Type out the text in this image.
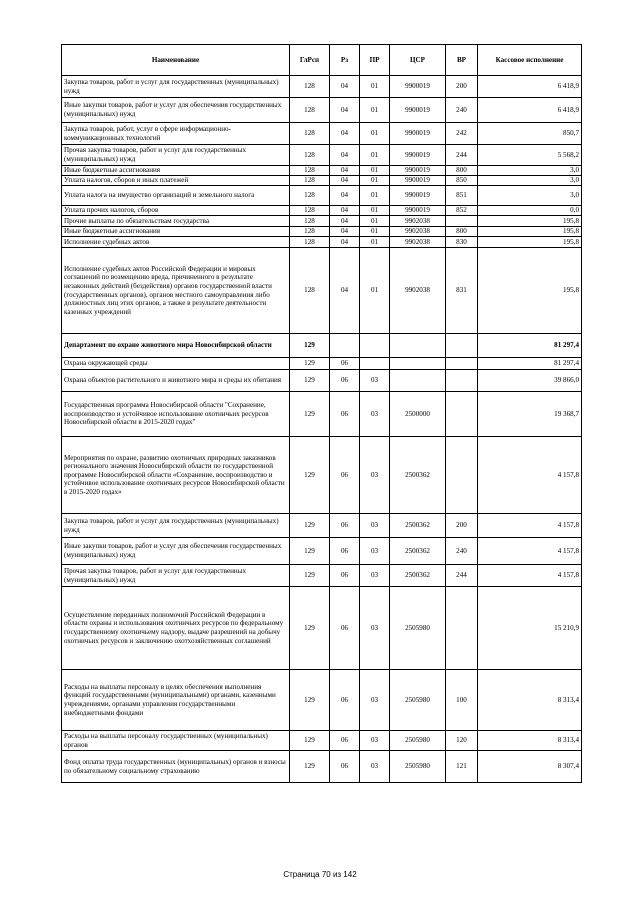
Наименование	ГлРсп	Рз	ПР	ЦСР	ВР	Кассовое исполнение
Закупка товаров, работ и услуг для государственных (муниципальных) нужд	128	04	01	9900019	200	6 418,9
Иные закупки товаров, работ и услуг для обеспечения государственных (муниципальных) нужд	128	04	01	9900019	240	6 418,9
Закупка товаров, работ, услуг в сфере информационно-коммуникационных технологий	128	04	01	9900019	242	850,7
Прочая закупка товаров, работ и услуг для государственных (муниципальных) нужд	128	04	01	9900019	244	5 568,2
Иные бюджетные ассигнования	128	04	01	9900019	800	3,0
Уплата налогов, сборов и иных платежей	128	04	01	9900019	850	3,0
Уплата налога на имущество организаций и земельного налога	128	04	01	9900019	851	3,0
Уплата прочих налогов, сборов	128	04	01	9900019	852	0,0
Прочие выплаты по обязательствам государства	128	04	01	9902038		195,8
Иные бюджетные ассигнования	128	04	01	9902038	800	195,8
Исполнение судебных актов	128	04	01	9902038	830	195,8
Исполнение судебных актов Российской Федерации и мировых соглашений по возмещению вреда, причиненного в результате незаконных действий (бездействия) органов государственной власти (государственных органов), органов местного самоуправления либо должностных лиц этих органов, а также в результате деятельности казенных учреждений	128	04	01	9902038	831	195,8
Департамент по охране животного мира Новосибирской области	129					81 297,4
Охрана окружающей среды	129	06				81 297,4
Охрана объектов растительного и животного мира и среды их обитания	129	06	03			39 866,0
Государственная программа Новосибирской области "Сохранение, воспроизводство и устойчивое использование охотничьих ресурсов Новосибирской области в 2015-2020 годах"	129	06	03	2500000		19 368,7
Мероприятия по охране, развитию охотничьих природных заказников регионального значения Новосибирской области по государственной программе Новосибирской области «Сохранение, воспроизводство и устойчивое использование охотничьих ресурсов Новосибирской области в 2015-2020 годах»	129	06	03	2500362		4 157,8
Закупка товаров, работ и услуг для государственных (муниципальных) нужд	129	06	03	2500362	200	4 157,8
Иные закупки товаров, работ и услуг для обеспечения государственных (муниципальных) нужд	129	06	03	2500362	240	4 157,8
Прочая закупка товаров, работ и услуг для государственных (муниципальных) нужд	129	06	03	2500362	244	4 157,8
Осуществление переданных полномочий Российской Федерации в области охраны и использования охотничьих ресурсов по федеральному государственному охотничьему надзору, выдаче разрешений на добычу охотничьих ресурсов и заключению охотхозяйственных соглашений	129	06	03	2505980		15 210,9
Расходы на выплаты персоналу в целях обеспечения выполнения функций государственными (муниципальными) органами, казенными учреждениями, органами управления государственными внебюджетными фондами	129	06	03	2505980	100	8 313,4
Расходы на выплаты персоналу государственных (муниципальных) органов	129	06	03	2505980	120	8 313,4
Фонд оплаты труда государственных (муниципальных) органов и взносы по обязательному социальному страхованию	129	06	03	2505980	121	8 307,4
Страница 70 из 142
